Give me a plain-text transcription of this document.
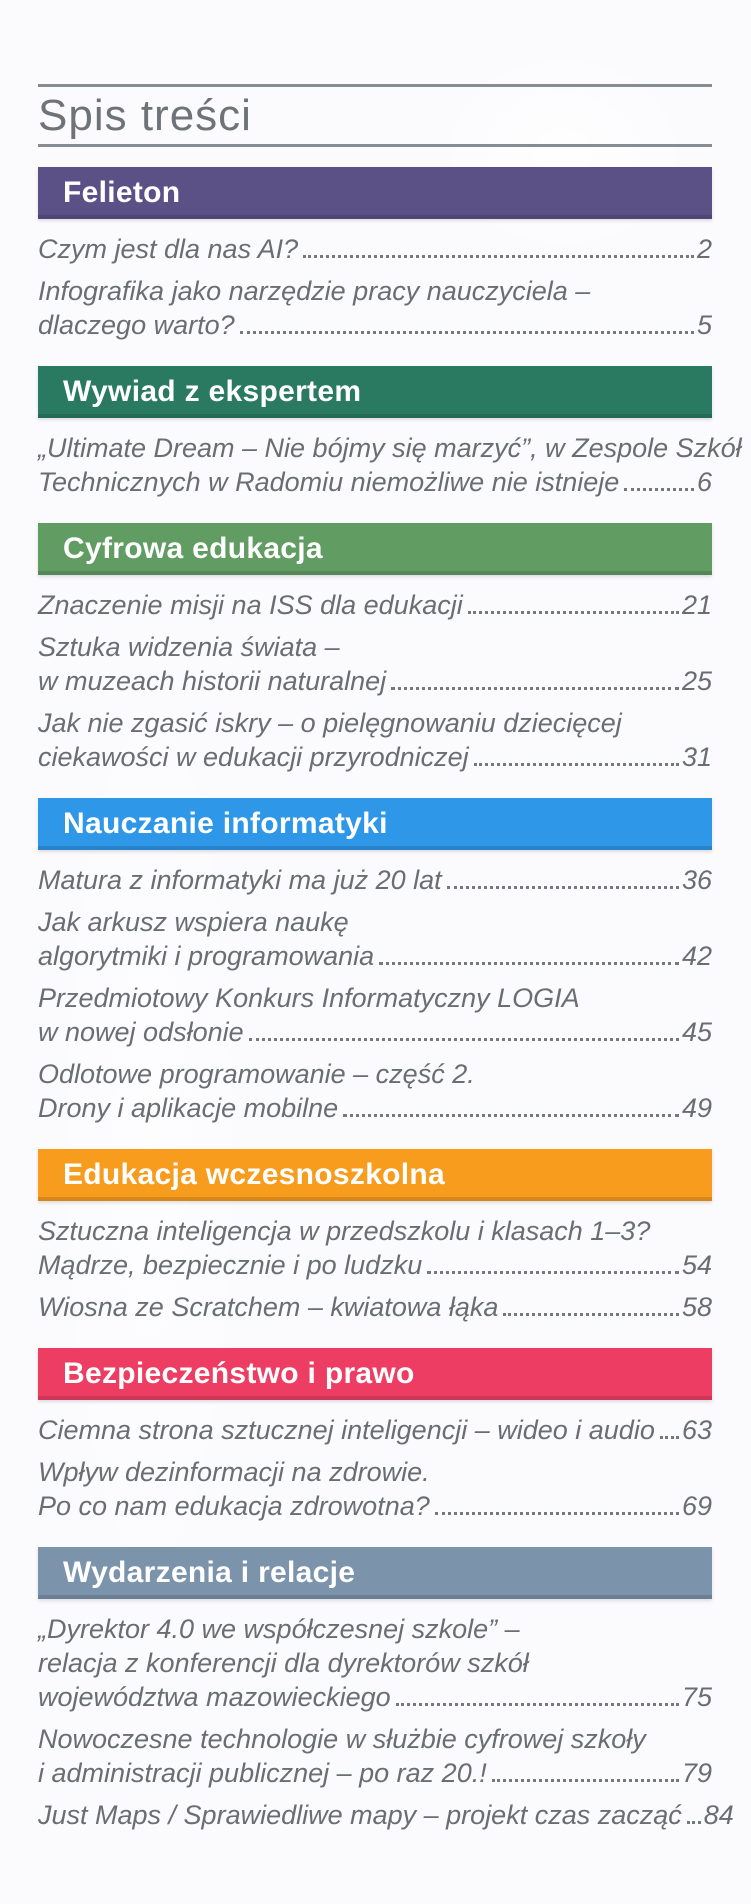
Spis treści
Felieton
Czym jest dla nas AI?	2
Infografika jako narzędzie pracy nauczyciela –
dlaczego warto?	5
Wywiad z ekspertem
„Ultimate Dream – Nie bójmy się marzyć”, w Zespole Szkół
Technicznych w Radomiu niemożliwe nie istnieje	6
Cyfrowa edukacja
Znaczenie misji na ISS dla edukacji	21
Sztuka widzenia świata –
w muzeach historii naturalnej	25
Jak nie zgasić iskry – o pielęgnowaniu dziecięcej
ciekawości w edukacji przyrodniczej	31
Nauczanie informatyki
Matura z informatyki ma już 20 lat	36
Jak arkusz wspiera naukę
algorytmiki i programowania	42
Przedmiotowy Konkurs Informatyczny LOGIA
w nowej odsłonie	45
Odlotowe programowanie – część 2.
Drony i aplikacje mobilne	49
Edukacja wczesnoszkolna
Sztuczna inteligencja w przedszkolu i klasach 1–3?
Mądrze, bezpiecznie i po ludzku	54
Wiosna ze Scratchem – kwiatowa łąka	58
Bezpieczeństwo i prawo
Ciemna strona sztucznej inteligencji – wideo i audio 63
Wpływ dezinformacji na zdrowie.
Po co nam edukacja zdrowotna?	69
Wydarzenia i relacje
„Dyrektor 4.0 we współczesnej szkole” –
relacja z konferencji dla dyrektorów szkół
województwa mazowieckiego	75
Nowoczesne technologie w służbie cyfrowej szkoły
i administracji publicznej – po raz 20.!	79
Just Maps / Sprawiedliwe mapy – projekt czas zacząć 84
